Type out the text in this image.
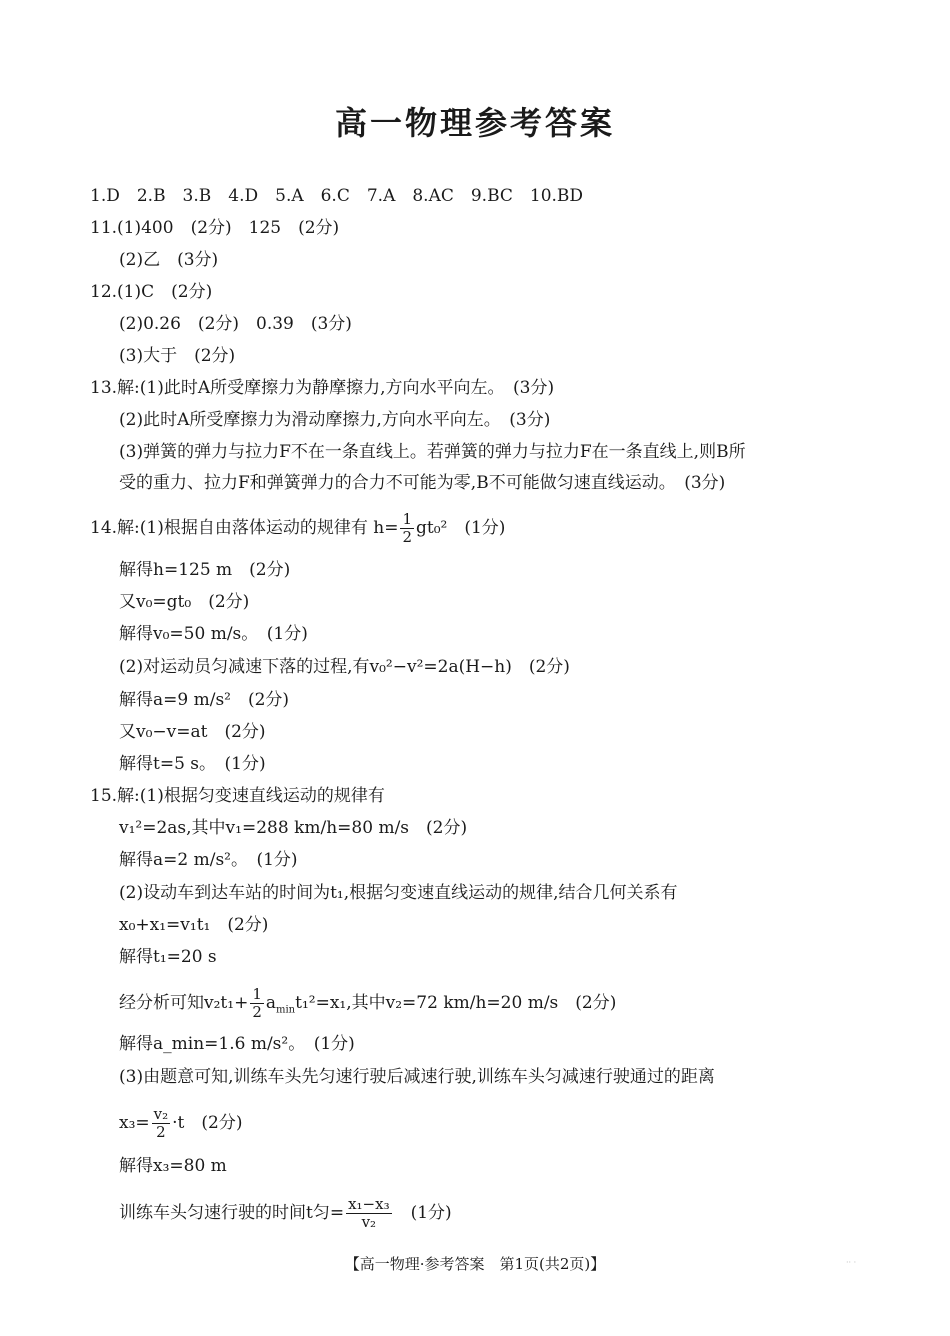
高一物理参考答案
1.D　2.B　3.B　4.D　5.A　6.C　7.A　8.AC　9.BC　10.BD
11.(1)400　(2分)　125　(2分)
(2)乙　(3分)
12.(1)C　(2分)
(2)0.26　(2分)　0.39　(3分)
(3)大于　(2分)
13.解:(1)此时A所受摩擦力为静摩擦力,方向水平向左。　(3分)
(2)此时A所受摩擦力为滑动摩擦力,方向水平向左。　(3分)
(3)弹簧的弹力与拉力F不在一条直线上。若弹簧的弹力与拉力F在一条直线上,则B所
受的重力、拉力F和弹簧弹力的合力不可能为零,B不可能做匀速直线运动。　(3分)
14.解:(1)根据自由落体运动的规律有 $h= \frac{1}{2} gt_0^2$　(1分)
解得h=125 m　(2分)
又v₀=gt₀　(2分)
解得v₀=50 m/s。　(1分)
(2)对运动员匀减速下落的过程,有v₀²−v²=2a(H−h)　(2分)
解得a=9 m/s²　(2分)
又v₀−v=at　(2分)
解得t=5 s。　(1分)
15.解:(1)根据匀变速直线运动的规律有
v₁²=2as,其中v₁=288 km/h=80 m/s　(2分)
解得a=2 m/s²。　(1分)
(2)设动车到达车站的时间为t₁,根据匀变速直线运动的规律,结合几何关系有
x₀+x₁=v₁t₁　(2分)
解得t₁=20 s
经分析可知$v_2t_1+ \frac{1}{2} a_{min}t_1^2=x_1$,其中v₂=72 km/h=20 m/s　(2分)
解得a_min=1.6 m/s²。　(1分)
(3)由题意可知,训练车头先匀速行驶后减速行驶,训练车头匀减速行驶通过的距离
$x_3= \frac{\text{v₂}}{2} \cdot t$　(2分)
解得x₃=80 m
训练车头匀速行驶的时间t匀= $\frac{\text{x₁−x₃}}{\text{v₂}}$
　 (1分)
【高一物理·参考答案　第1页(共2页)】	·· ·
